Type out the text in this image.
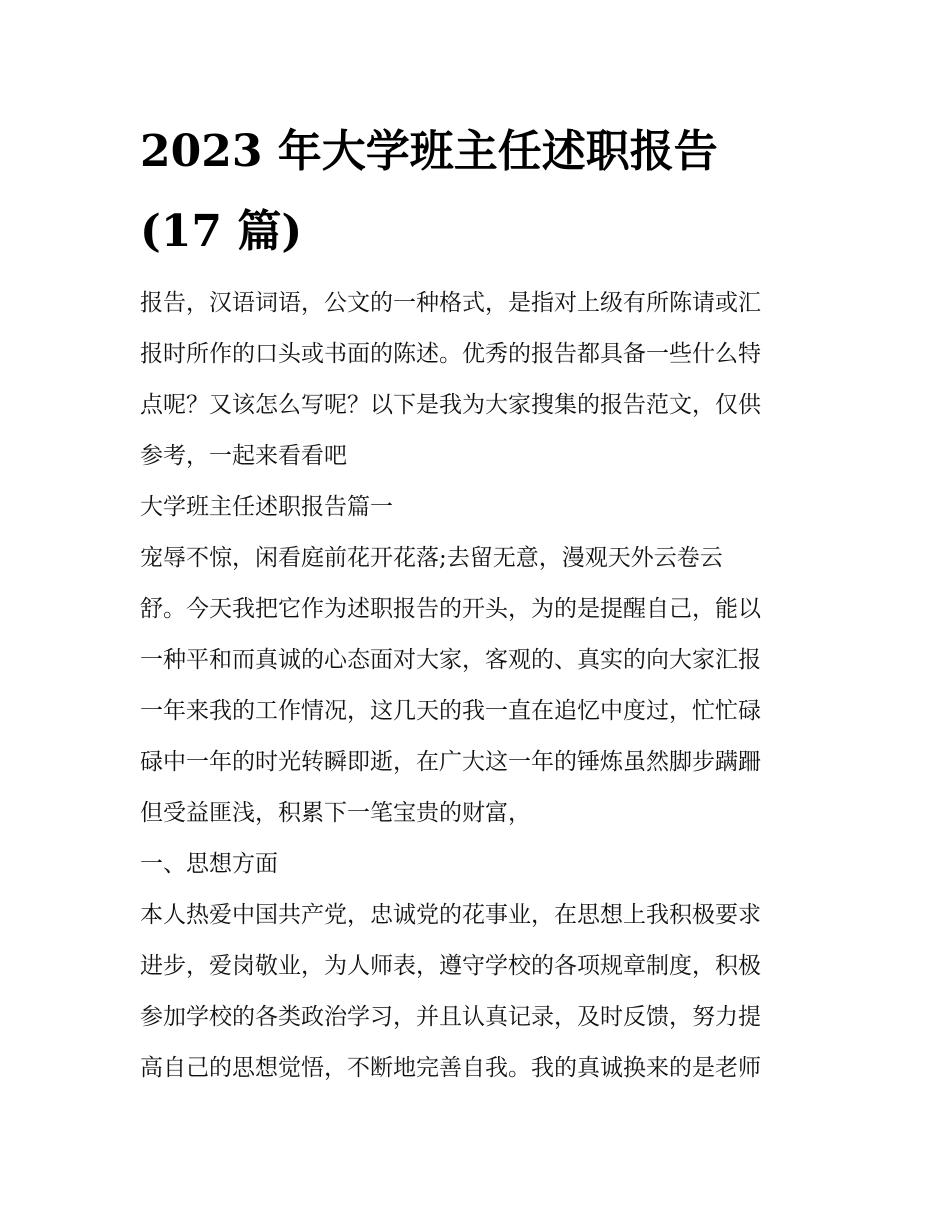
2023 年大学班主任述职报告
(17 篇)
报告，汉语词语，公文的一种格式，是指对上级有所陈请或汇
报时所作的口头或书面的陈述。优秀的报告都具备一些什么特
点呢？又该怎么写呢？以下是我为大家搜集的报告范文，仅供
参考，一起来看看吧
大学班主任述职报告篇一
宠辱不惊，闲看庭前花开花落;去留无意，漫观天外云卷云
舒。今天我把它作为述职报告的开头，为的是提醒自己，能以
一种平和而真诚的心态面对大家，客观的、真实的向大家汇报
一年来我的工作情况，这几天的我一直在追忆中度过，忙忙碌
碌中一年的时光转瞬即逝，在广大这一年的锤炼虽然脚步蹒跚
但受益匪浅，积累下一笔宝贵的财富，
一、思想方面
本人热爱中国共产党，忠诚党的花事业，在思想上我积极要求
进步，爱岗敬业，为人师表，遵守学校的各项规章制度，积极
参加学校的各类政治学习，并且认真记录，及时反馈，努力提
高自己的思想觉悟，不断地完善自我。我的真诚换来的是老师
